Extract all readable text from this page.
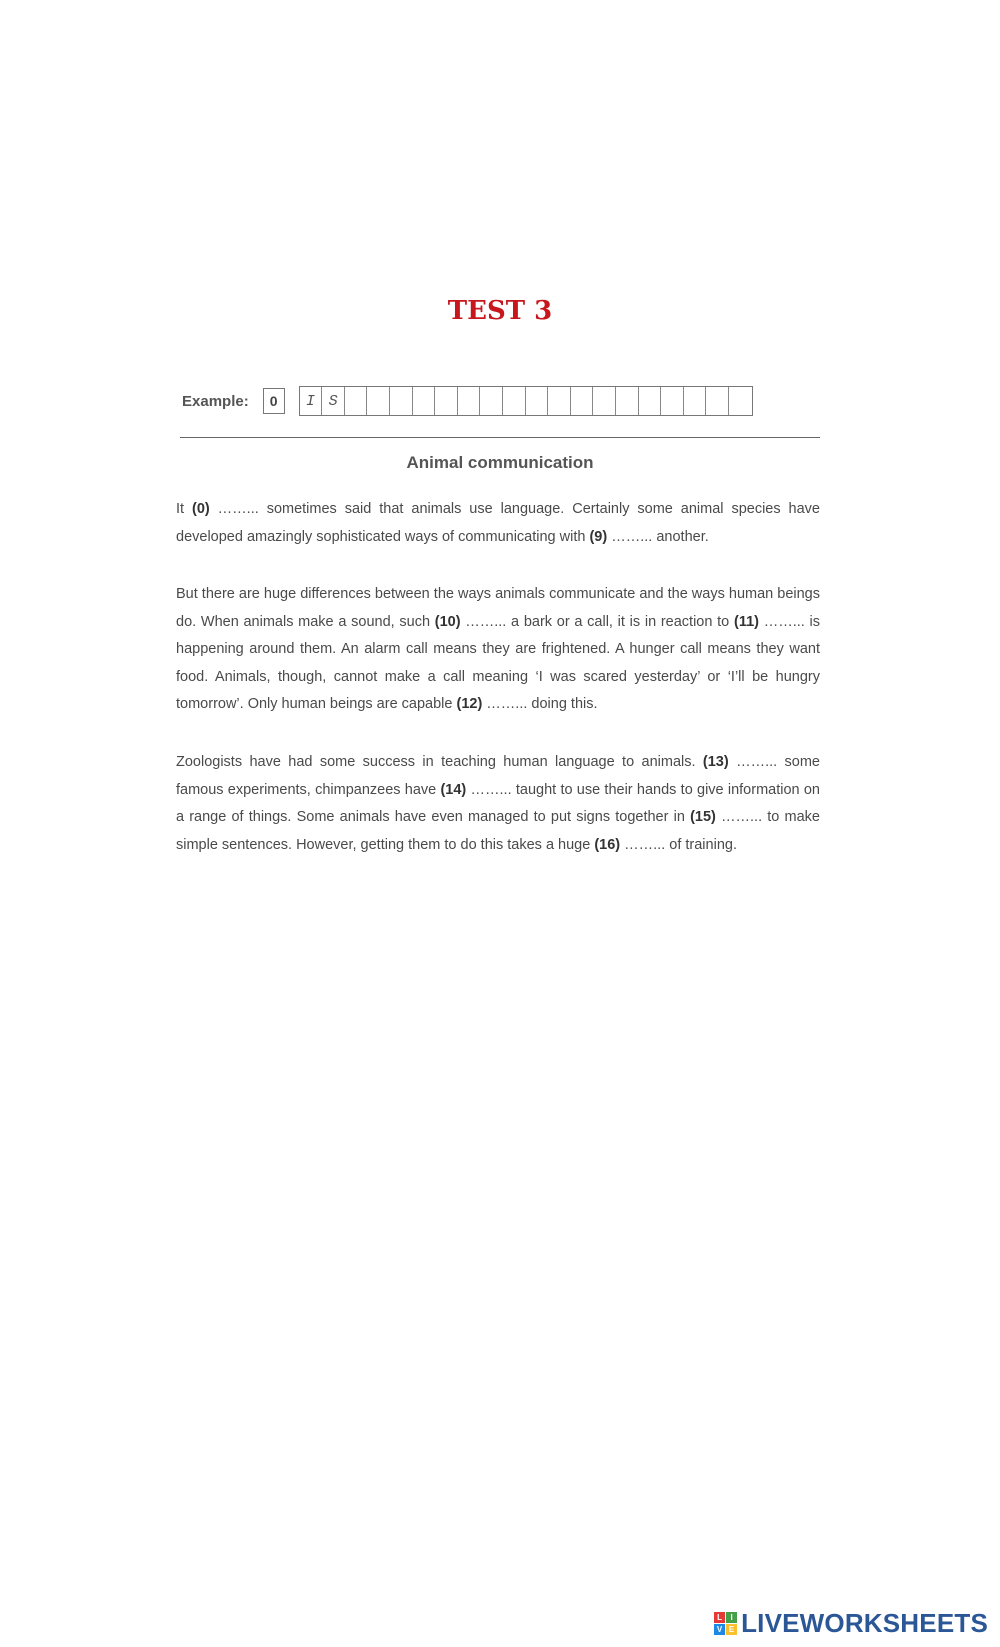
TEST 3
Example:	0	I S
Animal communication

It (0) ……... sometimes said that animals use language. Certainly some animal species have developed amazingly sophisticated ways of communicating with (9) ……... another.

But there are huge differences between the ways animals communicate and the ways human beings do. When animals make a sound, such (10) ……... a bark or a call, it is in reaction to (11) ……... is happening around them. An alarm call means they are frightened. A hunger call means they want food. Animals, though, cannot make a call meaning ‘I was scared yesterday’ or ‘I’ll be hungry tomorrow’. Only human beings are capable (12) ……... doing this.

Zoologists have had some success in teaching human language to animals. (13) ……... some famous experiments, chimpanzees have (14) ……... taught to use their hands to give information on a range of things. Some animals have even managed to put signs together in (15) ……... to make simple sentences. However, getting them to do this takes a huge (16) ……... of training.

L	I
V E LIVEWORKSHEETS
